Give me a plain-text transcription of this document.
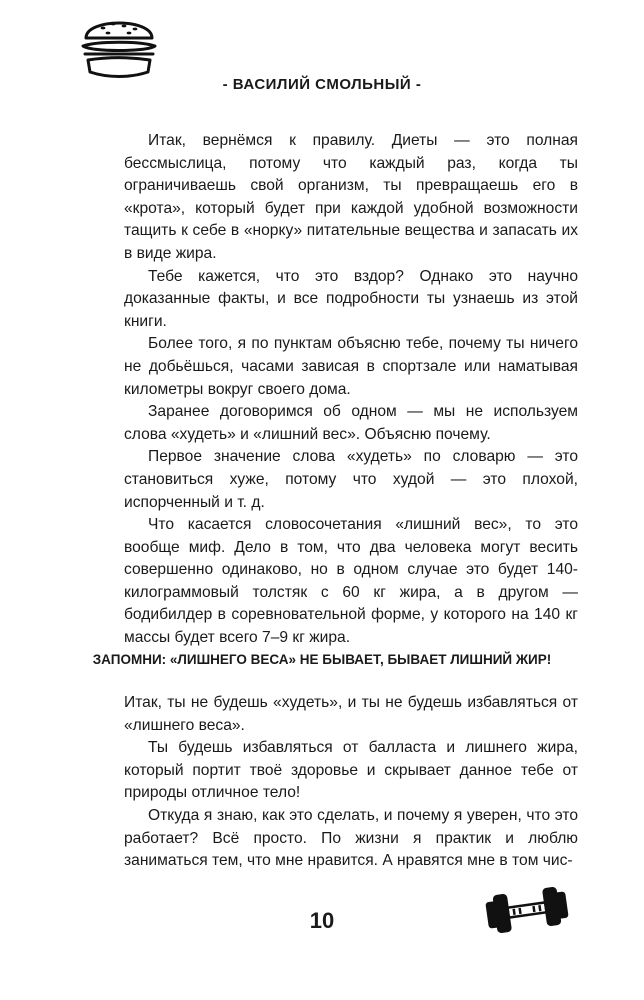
- ВАСИЛИЙ СМОЛЬНЫЙ -

Итак, вернёмся к правилу. Диеты — это полная бессмыслица, потому что каждый раз, когда ты ограничиваешь свой организм, ты превращаешь его в «крота», который будет при каждой удобной возможности тащить к себе в «норку» питательные вещества и запасать их в виде жира.

Тебе кажется, что это вздор? Однако это научно доказанные факты, и все подробности ты узнаешь из этой книги.

Более того, я по пунктам объясню тебе, почему ты ничего не добьёшься, часами зависая в спортзале или наматывая километры вокруг своего дома.

Заранее договоримся об одном — мы не используем слова «худеть» и «лишний вес». Объясню почему.

Первое значение слова «худеть» по словарю — это становиться хуже, потому что худой — это плохой, испорченный и т. д.

Что касается словосочетания «лишний вес», то это вообще миф. Дело в том, что два человека могут весить совершенно одинаково, но в одном случае это будет 140-килограммовый толстяк с 60 кг жира, а в другом — бодибилдер в соревновательной форме, у которого на 140 кг массы будет всего 7–9 кг жира.

ЗАПОМНИ: «ЛИШНЕГО ВЕСА» НЕ БЫВАЕТ, БЫВАЕТ ЛИШНИЙ ЖИР!

Итак, ты не будешь «худеть», и ты не будешь избавляться от «лишнего веса».

Ты будешь избавляться от балласта и лишнего жира, который портит твоё здоровье и скрывает данное тебе от природы отличное тело!

Откуда я знаю, как это сделать, и почему я уверен, что это работает? Всё просто. По жизни я практик и люблю заниматься тем, что мне нравится. А нравятся мне в том чис-

10
